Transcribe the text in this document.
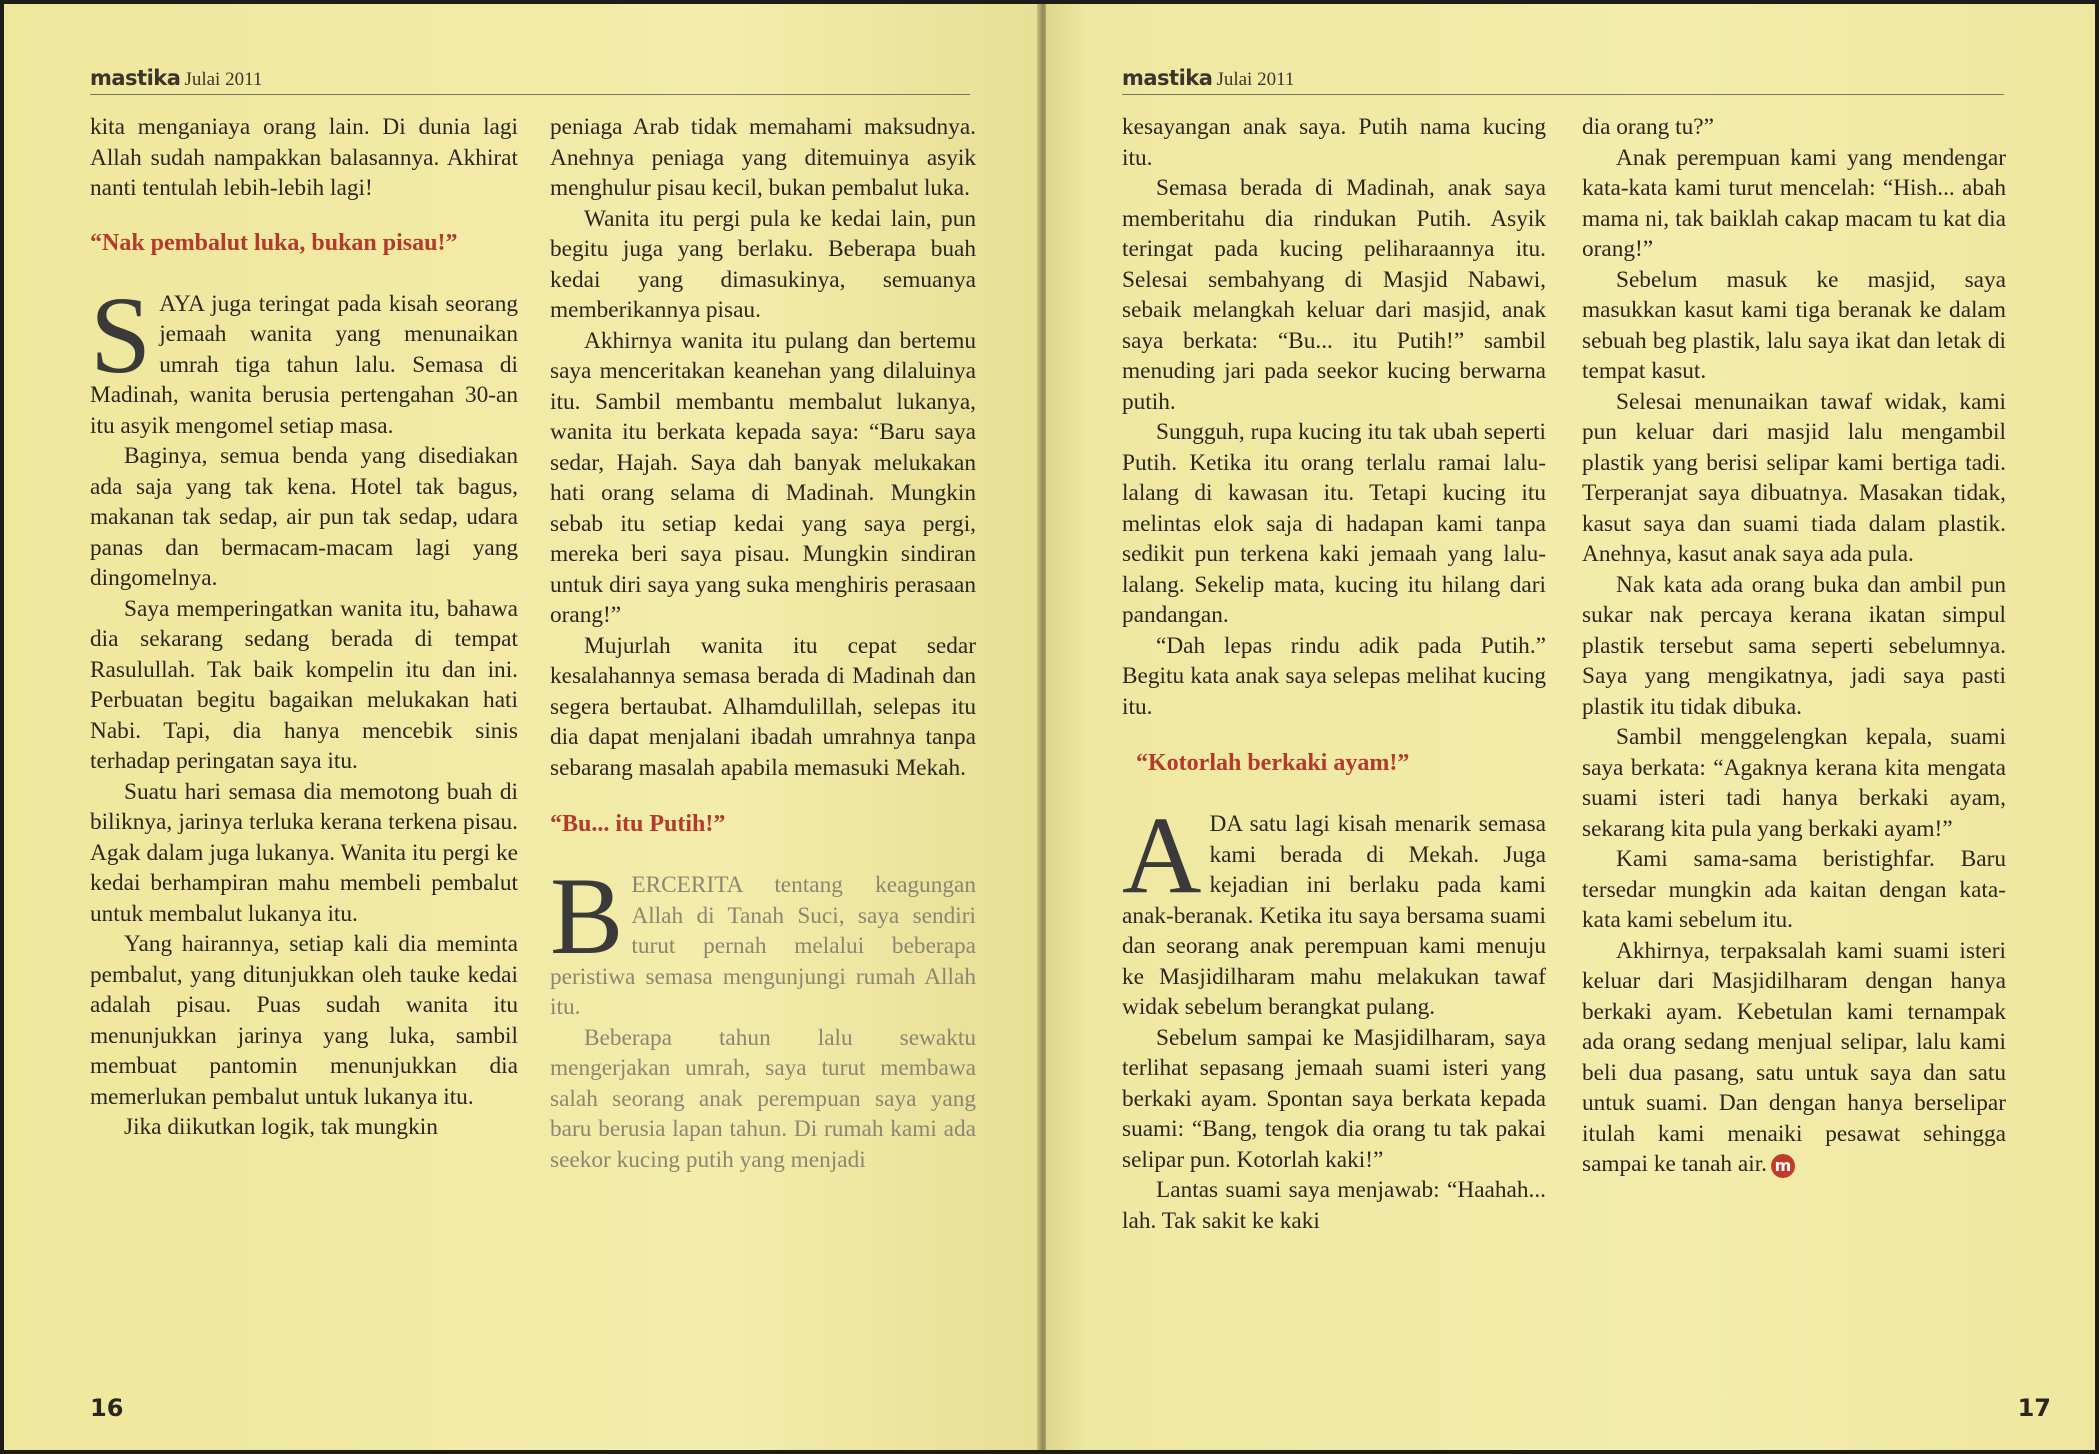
mastika Julai 2011

kita menganiaya orang lain. Di dunia lagi Allah sudah nampakkan balasannya. Akhirat nanti tentulah lebih-lebih lagi!

“Nak pembalut luka, bukan pisau!”

SAYA juga teringat pada kisah seorang jemaah wanita yang menunaikan umrah tiga tahun lalu. Semasa di Madinah, wanita berusia pertengahan 30-an itu asyik mengomel setiap masa.

Baginya, semua benda yang disediakan ada saja yang tak kena. Hotel tak bagus, makanan tak sedap, air pun tak sedap, udara panas dan bermacam-macam lagi yang dingomelnya.

Saya memperingatkan wanita itu, bahawa dia sekarang sedang berada di tempat Rasulullah. Tak baik kompelin itu dan ini. Perbuatan begitu bagaikan melukakan hati Nabi. Tapi, dia hanya mencebik sinis terhadap peringatan saya itu.

Suatu hari semasa dia memotong buah di biliknya, jarinya terluka kerana terkena pisau. Agak dalam juga lukanya. Wanita itu pergi ke kedai berhampiran mahu membeli pembalut untuk membalut lukanya itu.

Yang hairannya, setiap kali dia meminta pembalut, yang ditunjukkan oleh tauke kedai adalah pisau. Puas sudah wanita itu menunjukkan jarinya yang luka, sambil membuat pantomin menunjukkan dia memerlukan pembalut untuk lukanya itu.

Jika diikutkan logik, tak mungkin

peniaga Arab tidak memahami maksudnya. Anehnya peniaga yang ditemuinya asyik menghulur pisau kecil, bukan pembalut luka.

Wanita itu pergi pula ke kedai lain, pun begitu juga yang berlaku. Beberapa buah kedai yang dimasukinya, semuanya memberikannya pisau.

Akhirnya wanita itu pulang dan bertemu saya menceritakan keanehan yang dilaluinya itu. Sambil membantu membalut lukanya, wanita itu berkata kepada saya: “Baru saya sedar, Hajah. Saya dah banyak melukakan hati orang selama di Madinah. Mungkin sebab itu setiap kedai yang saya pergi, mereka beri saya pisau. Mungkin sindiran untuk diri saya yang suka menghiris perasaan orang!”

Mujurlah wanita itu cepat sedar kesalahannya semasa berada di Madinah dan segera bertaubat. Alhamdulillah, selepas itu dia dapat menjalani ibadah umrahnya tanpa sebarang masalah apabila memasuki Mekah.

“Bu... itu Putih!”

BERCERITA tentang keagungan Allah di Tanah Suci, saya sendiri turut pernah melalui beberapa peristiwa semasa mengunjungi rumah Allah itu.

Beberapa tahun lalu sewaktu mengerjakan umrah, saya turut membawa salah seorang anak perempuan saya yang baru berusia lapan tahun. Di rumah kami ada seekor kucing putih yang menjadi

16
mastika Julai 2011

kesayangan anak saya. Putih nama kucing itu.

Semasa berada di Madinah, anak saya memberitahu dia rindukan Putih. Asyik teringat pada kucing peliharaannya itu. Selesai sembahyang di Masjid Nabawi, sebaik melangkah keluar dari masjid, anak saya berkata: “Bu... itu Putih!” sambil menuding jari pada seekor kucing berwarna putih.

Sungguh, rupa kucing itu tak ubah seperti Putih. Ketika itu orang terlalu ramai lalu-lalang di kawasan itu. Tetapi kucing itu melintas elok saja di hadapan kami tanpa sedikit pun terkena kaki jemaah yang lalu-lalang. Sekelip mata, kucing itu hilang dari pandangan.

“Dah lepas rindu adik pada Putih.” Begitu kata anak saya selepas melihat kucing itu.

“Kotorlah berkaki ayam!”

ADA satu lagi kisah menarik semasa kami berada di Mekah. Juga kejadian ini berlaku pada kami anak-beranak. Ketika itu saya bersama suami dan seorang anak perempuan kami menuju ke Masjidilharam mahu melakukan tawaf widak sebelum berangkat pulang.

Sebelum sampai ke Masjidilharam, saya terlihat sepasang jemaah suami isteri yang berkaki ayam. Spontan saya berkata kepada suami: “Bang, tengok dia orang tu tak pakai selipar pun. Kotorlah kaki!”

Lantas suami saya menjawab: “Haahah... lah. Tak sakit ke kaki

dia orang tu?”

Anak perempuan kami yang mendengar kata-kata kami turut mencelah: “Hish... abah mama ni, tak baiklah cakap macam tu kat dia orang!”

Sebelum masuk ke masjid, saya masukkan kasut kami tiga beranak ke dalam sebuah beg plastik, lalu saya ikat dan letak di tempat kasut.

Selesai menunaikan tawaf widak, kami pun keluar dari masjid lalu mengambil plastik yang berisi selipar kami bertiga tadi. Terperanjat saya dibuatnya. Masakan tidak, kasut saya dan suami tiada dalam plastik. Anehnya, kasut anak saya ada pula.

Nak kata ada orang buka dan ambil pun sukar nak percaya kerana ikatan simpul plastik tersebut sama seperti sebelumnya. Saya yang mengikatnya, jadi saya pasti plastik itu tidak dibuka.

Sambil menggelengkan kepala, suami saya berkata: “Agaknya kerana kita mengata suami isteri tadi hanya berkaki ayam, sekarang kita pula yang berkaki ayam!”

Kami sama-sama beristighfar. Baru tersedar mungkin ada kaitan dengan kata-kata kami sebelum itu.

Akhirnya, terpaksalah kami suami isteri keluar dari Masjidilharam dengan hanya berkaki ayam. Kebetulan kami ternampak ada orang sedang menjual selipar, lalu kami beli dua pasang, satu untuk saya dan satu untuk suami. Dan dengan hanya berselipar itulah kami menaiki pesawat sehingga sampai ke tanah air. m

17
